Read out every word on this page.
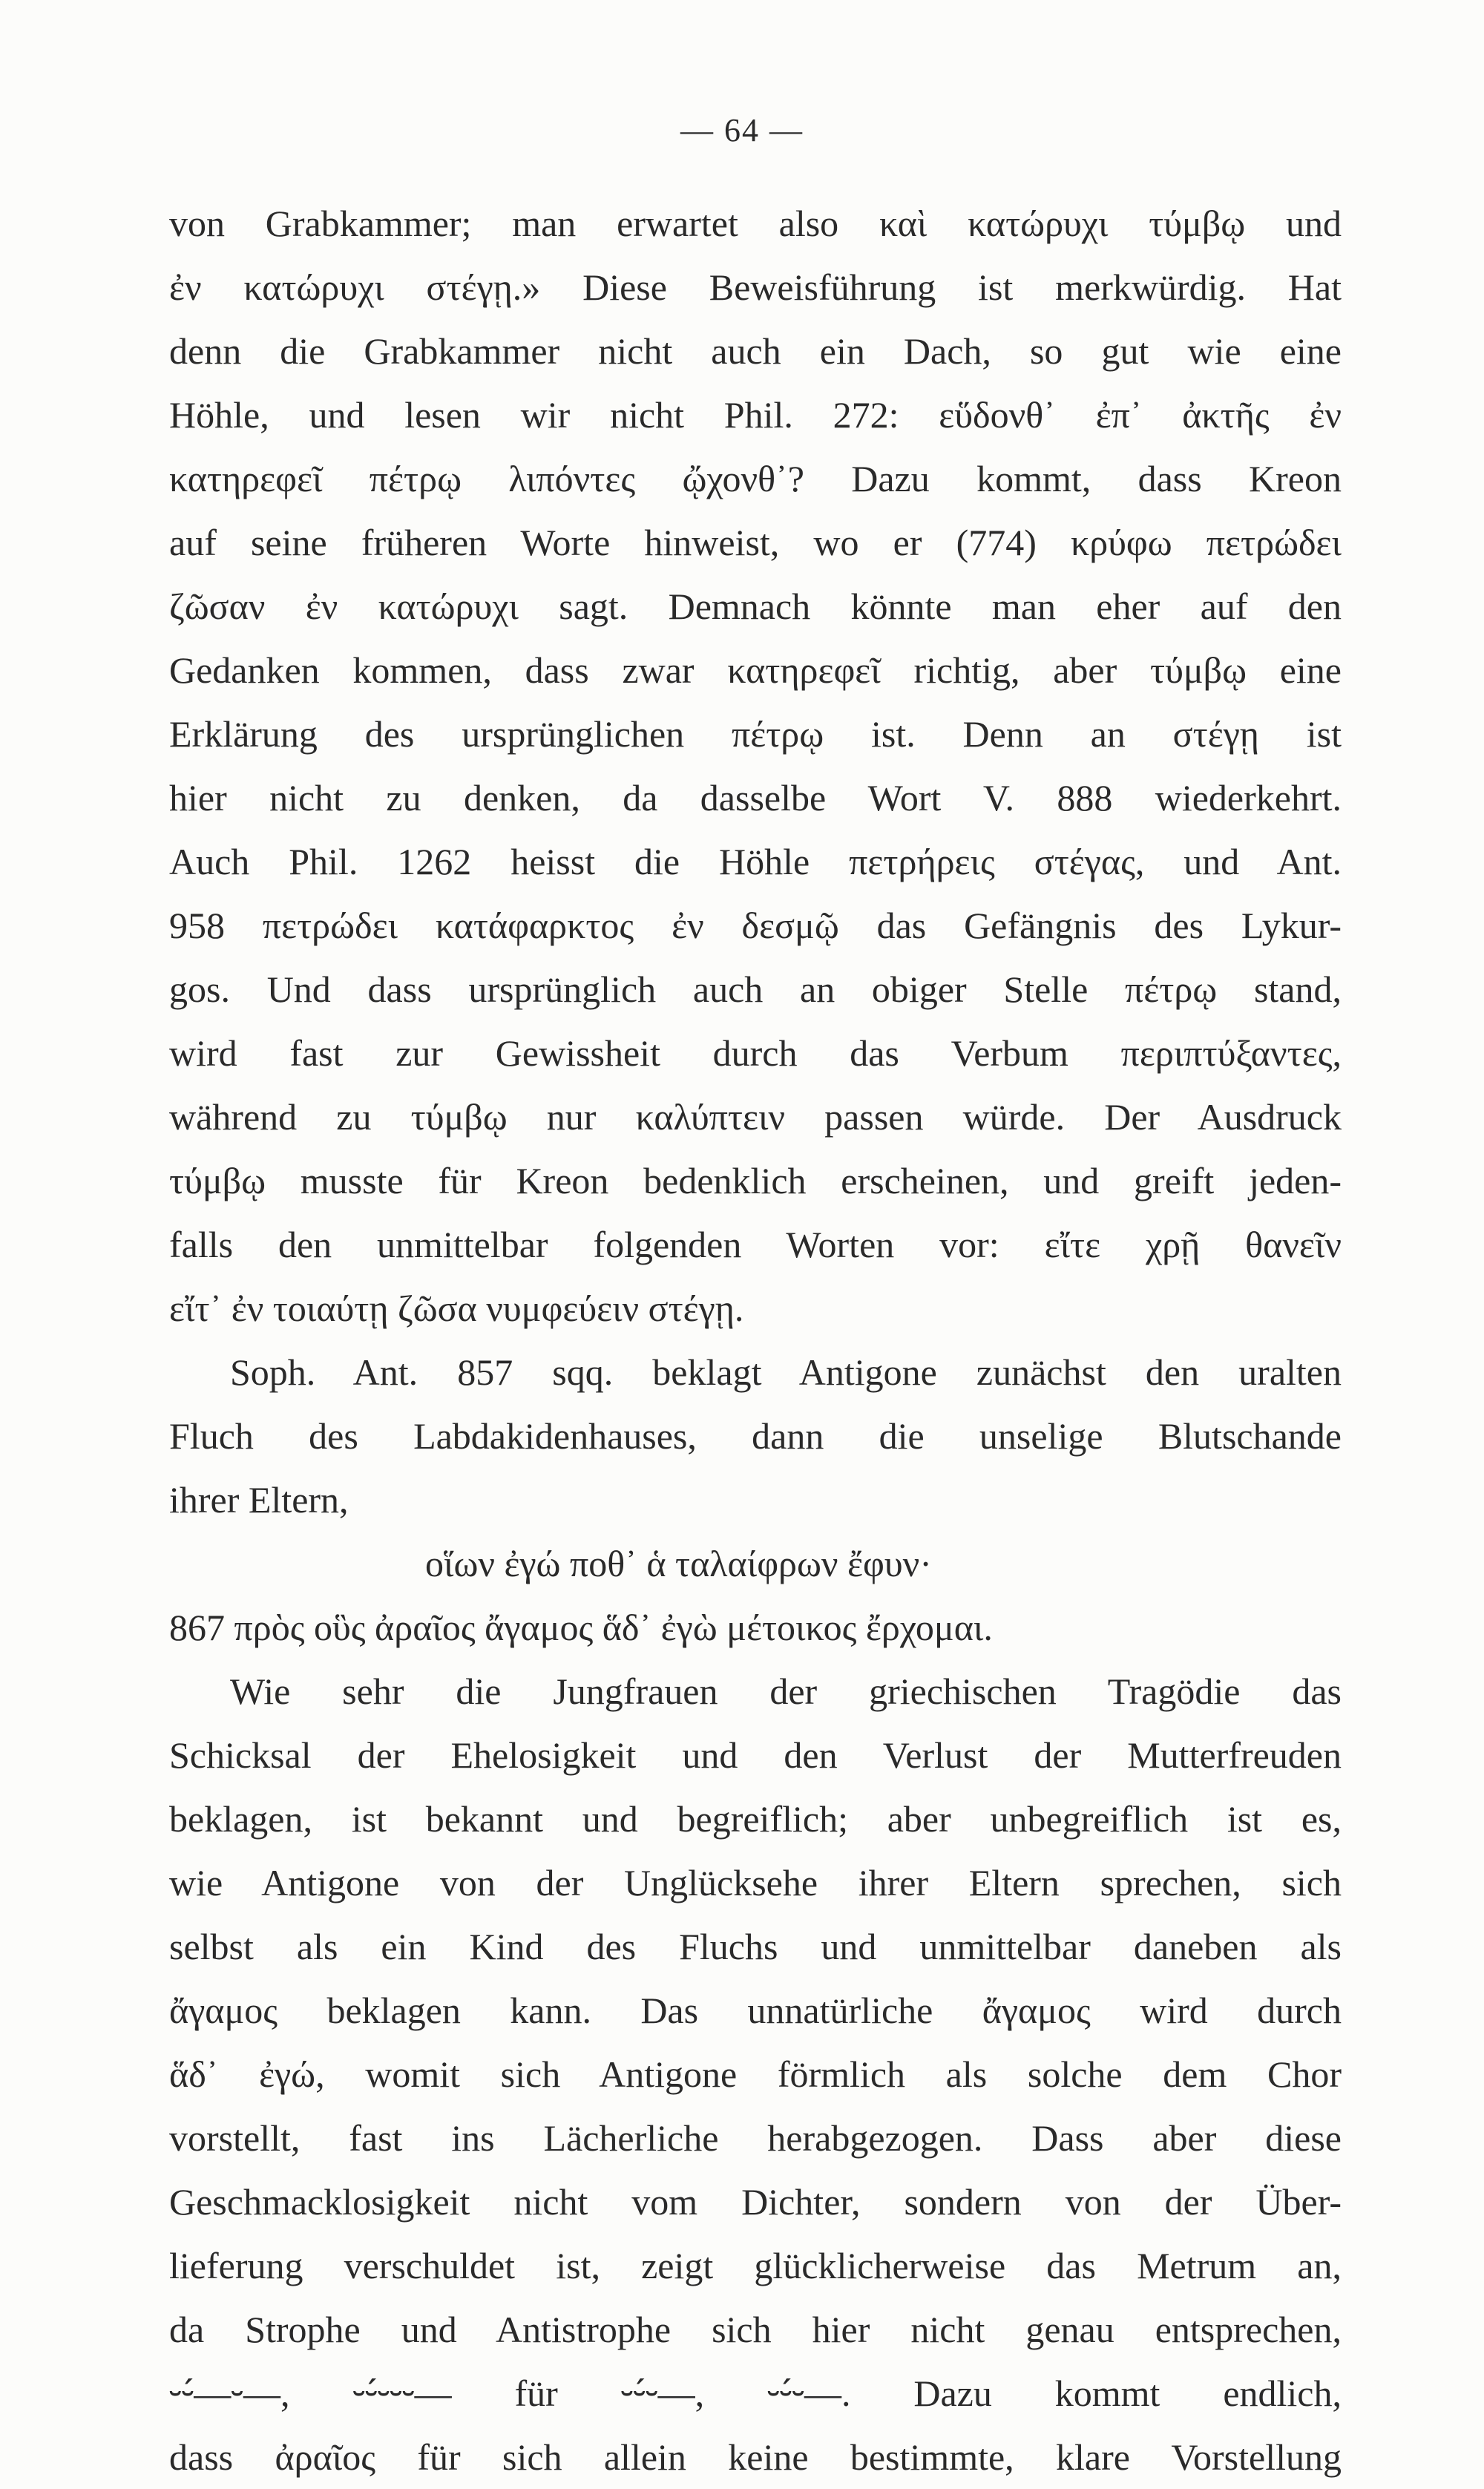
— 64 —
von Grabkammer; man erwartet also καὶ κατώρυχι τύμβῳ und
ἐν κατώρυχι στέγῃ.» Diese Beweisführung ist merkwürdig. Hat
denn die Grabkammer nicht auch ein Dach, so gut wie eine
Höhle, und lesen wir nicht Phil. 272: εὕδονθ᾽ ἐπ᾽ ἀκτῆς ἐν
κατηρεφεῖ πέτρῳ λιπόντες ᾤχονθ᾽? Dazu kommt, dass Kreon
auf seine früheren Worte hinweist, wo er (774) κρύφω πετρώδει
ζῶσαν ἐν κατώρυχι sagt. Demnach könnte man eher auf den
Gedanken kommen, dass zwar κατηρεφεῖ richtig, aber τύμβῳ eine
Erklärung des ursprünglichen πέτρῳ ist. Denn an στέγῃ ist
hier nicht zu denken, da dasselbe Wort V. 888 wiederkehrt.
Auch Phil. 1262 heisst die Höhle πετρήρεις στέγας, und Ant.
958 πετρώδει κατάφαρκτος ἐν δεσμῷ das Gefängnis des Lykur-
gos. Und dass ursprünglich auch an obiger Stelle πέτρῳ stand,
wird fast zur Gewissheit durch das Verbum περιπτύξαντες,
während zu τύμβῳ nur καλύπτειν passen würde. Der Ausdruck
τύμβῳ musste für Kreon bedenklich erscheinen, und greift jeden-
falls den unmittelbar folgenden Worten vor: εἴτε χρῇ θανεῖν
εἴτ᾽ ἐν τοιαύτῃ ζῶσα νυμφεύειν στέγῃ.
Soph. Ant. 857 sqq. beklagt Antigone zunächst den uralten
Fluch des Labdakidenhauses, dann die unselige Blutschande
ihrer Eltern,
οἵων ἐγώ ποθ᾽ ἁ ταλαίφρων ἔφυν·
867 πρὸς οὓς ἀραῖος ἄγαμος ἅδ᾽ ἐγὼ μέτοικος ἔρχομαι.
Wie sehr die Jungfrauen der griechischen Tragödie das
Schicksal der Ehelosigkeit und den Verlust der Mutterfreuden
beklagen, ist bekannt und begreiflich; aber unbegreiflich ist es,
wie Antigone von der Unglücksehe ihrer Eltern sprechen, sich
selbst als ein Kind des Fluchs und unmittelbar daneben als
ἄγαμος beklagen kann. Das unnatürliche ἄγαμος wird durch
ἅδ᾽ ἐγώ, womit sich Antigone förmlich als solche dem Chor
vorstellt, fast ins Lächerliche herabgezogen. Dass aber diese
Geschmacklosigkeit nicht vom Dichter, sondern von der Über-
lieferung verschuldet ist, zeigt glücklicherweise das Metrum an,
da Strophe und Antistrophe sich hier nicht genau entsprechen,
⏑⏑́—⏑—, ⏑⏑́⏑⏑⏑— für ⏑⏑́⏑—, ⏑⏑́⏑—. Dazu kommt endlich,
dass ἀραῖος für sich allein keine bestimmte, klare Vorstellung
